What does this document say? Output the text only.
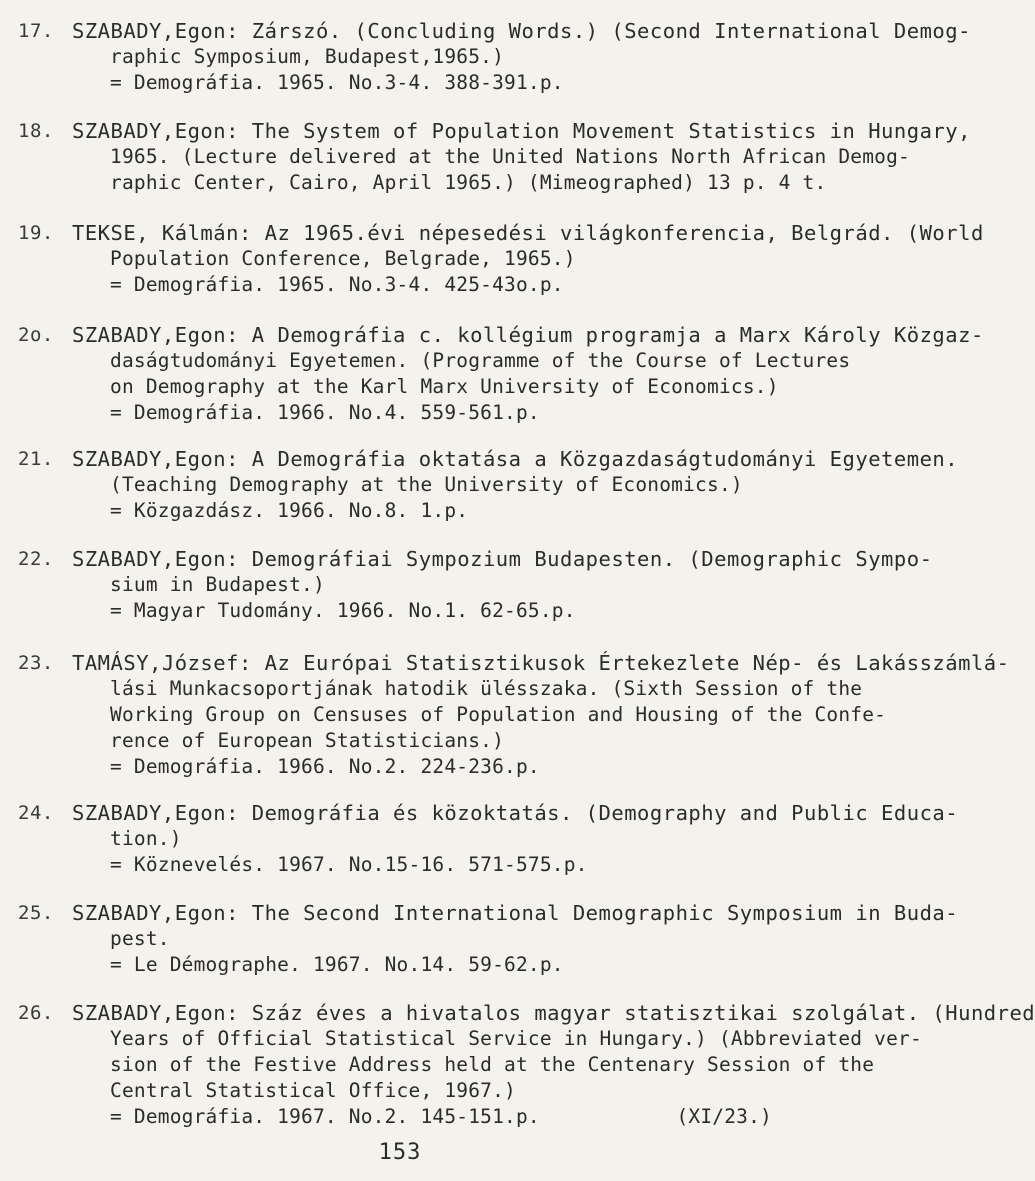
17. SZABADY,Egon: Zárszó. (Concluding Words.) (Second International Demog-
raphic Symposium, Budapest,1965.)
= Demográfia. 1965. No.3-4. 388-391.p.
18. SZABADY,Egon: The System of Population Movement Statistics in Hungary,
1965. (Lecture delivered at the United Nations North African Demog-
raphic Center, Cairo, April 1965.) (Mimeographed) 13 p. 4 t.
19. TEKSE, Kálmán: Az 1965.évi népesedési világkonferencia, Belgrád. (World
Population Conference, Belgrade, 1965.)
= Demográfia. 1965. No.3-4. 425-43o.p.
2o. SZABADY,Egon: A Demográfia c. kollégium programja a Marx Károly Közgaz-
daságtudományi Egyetemen. (Programme of the Course of Lectures
on Demography at the Karl Marx University of Economics.)
= Demográfia. 1966. No.4. 559-561.p.
21. SZABADY,Egon: A Demográfia oktatása a Közgazdaságtudományi Egyetemen.
(Teaching Demography at the University of Economics.)
= Közgazdász. 1966. No.8. 1.p.
22. SZABADY,Egon: Demográfiai Sympozium Budapesten. (Demographic Sympo-
sium in Budapest.)
= Magyar Tudomány. 1966. No.1. 62-65.p.
23. TAMÁSY,József: Az Európai Statisztikusok Értekezlete Nép- és Lakásszámlá-
lási Munkacsoportjának hatodik ülésszaka. (Sixth Session of the
Working Group on Censuses of Population and Housing of the Confe-
rence of European Statisticians.)
= Demográfia. 1966. No.2. 224-236.p.
24. SZABADY,Egon: Demográfia és közoktatás. (Demography and Public Educa-
tion.)
= Köznevelés. 1967. No.15-16. 571-575.p.
25. SZABADY,Egon: The Second International Demographic Symposium in Buda-
pest.
= Le Démographe. 1967. No.14. 59-62.p.
26. SZABADY,Egon: Száz éves a hivatalos magyar statisztikai szolgálat. (Hundred
Years of Official Statistical Service in Hungary.) (Abbreviated ver-
sion of the Festive Address held at the Centenary Session of the
Central Statistical Office, 1967.)
= Demográfia. 1967. No.2. 145-151.p.	(XI/23.)
153
